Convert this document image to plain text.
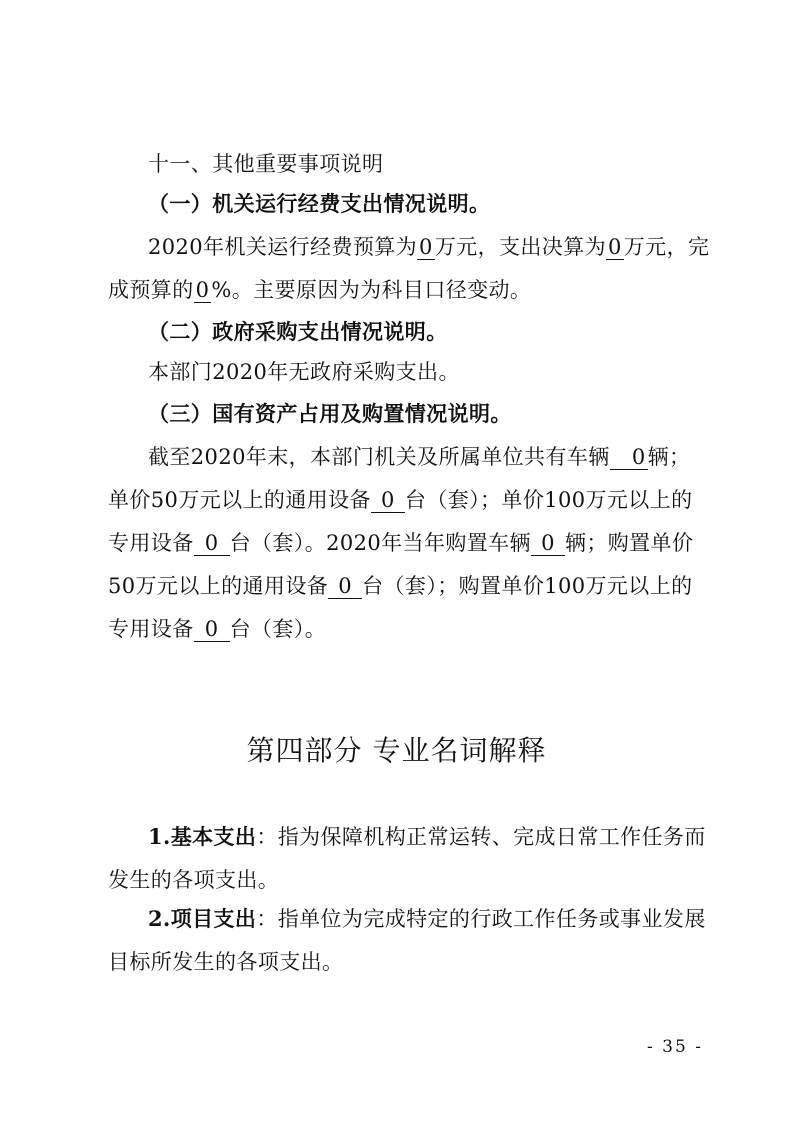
十一、其他重要事项说明
（一）机关运行经费支出情况说明。
2020年机关运行经费预算为0万元，支出决算为0万元，完
成预算的0%。主要原因为为科目口径变动。
（二）政府采购支出情况说明。
本部门2020年无政府采购支出。
（三）国有资产占用及购置情况说明。
截至2020年末，本部门机关及所属单位共有车辆 0辆；
单价50万元以上的通用设备 0 台（套）；单价100万元以上的
专用设备 0 台（套）。2020年当年购置车辆 0 辆；购置单价
50万元以上的通用设备 0 台（套）；购置单价100万元以上的
专用设备 0 台（套）。
第四部分 专业名词解释
1.基本支出：指为保障机构正常运转、完成日常工作任务而
发生的各项支出。
2.项目支出：指单位为完成特定的行政工作任务或事业发展
目标所发生的各项支出。
- 35 -
